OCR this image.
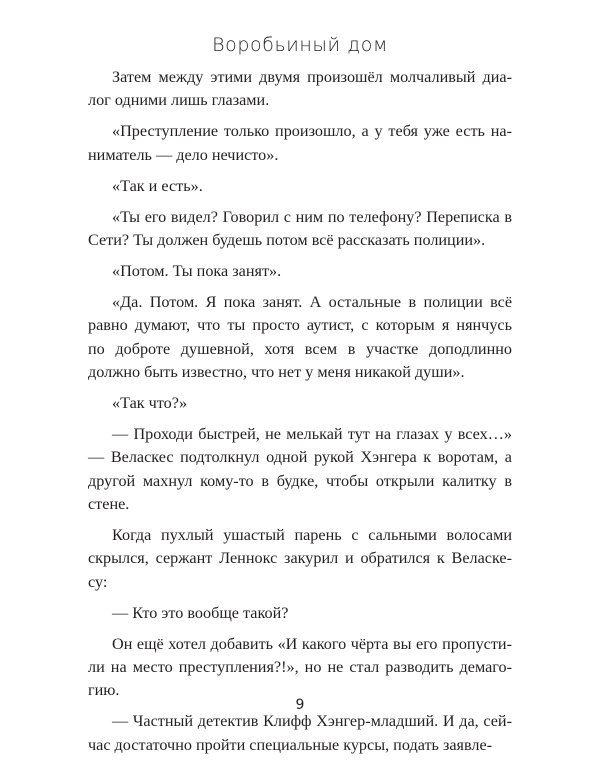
Воробьиный дом

Затем между этими двумя произошёл молчаливый диа-
лог одними лишь глазами.

«Преступление только произошло, а у тебя уже есть на-
ниматель — дело нечисто».

«Так и есть».

«Ты его видел? Говорил с ним по телефону? Переписка в
Сети? Ты должен будешь потом всё рассказать полиции».

«Потом. Ты пока занят».

«Да. Потом. Я пока занят. А остальные в полиции всё
равно думают, что ты просто аутист, с которым я нянчусь
по доброте душевной, хотя всем в участке доподлинно
должно быть известно, что нет у меня никакой души».

«Так что?»

— Проходи быстрей, не мелькай тут на глазах у всех…»
— Веласкес подтолкнул одной рукой Хэнгера к воротам, а
другой махнул кому-то в будке, чтобы открыли калитку в
стене.

Когда пухлый ушастый парень с сальными волосами
скрылся, сержант Леннокс закурил и обратился к Веласке-
су:

— Кто это вообще такой?

Он ещё хотел добавить «И какого чёрта вы его пропусти-
ли на место преступления?!», но не стал разводить демаго-
гию.

— Частный детектив Клифф Хэнгер-младший. И да, сей-
час достаточно пройти специальные курсы, подать заявле-

9
